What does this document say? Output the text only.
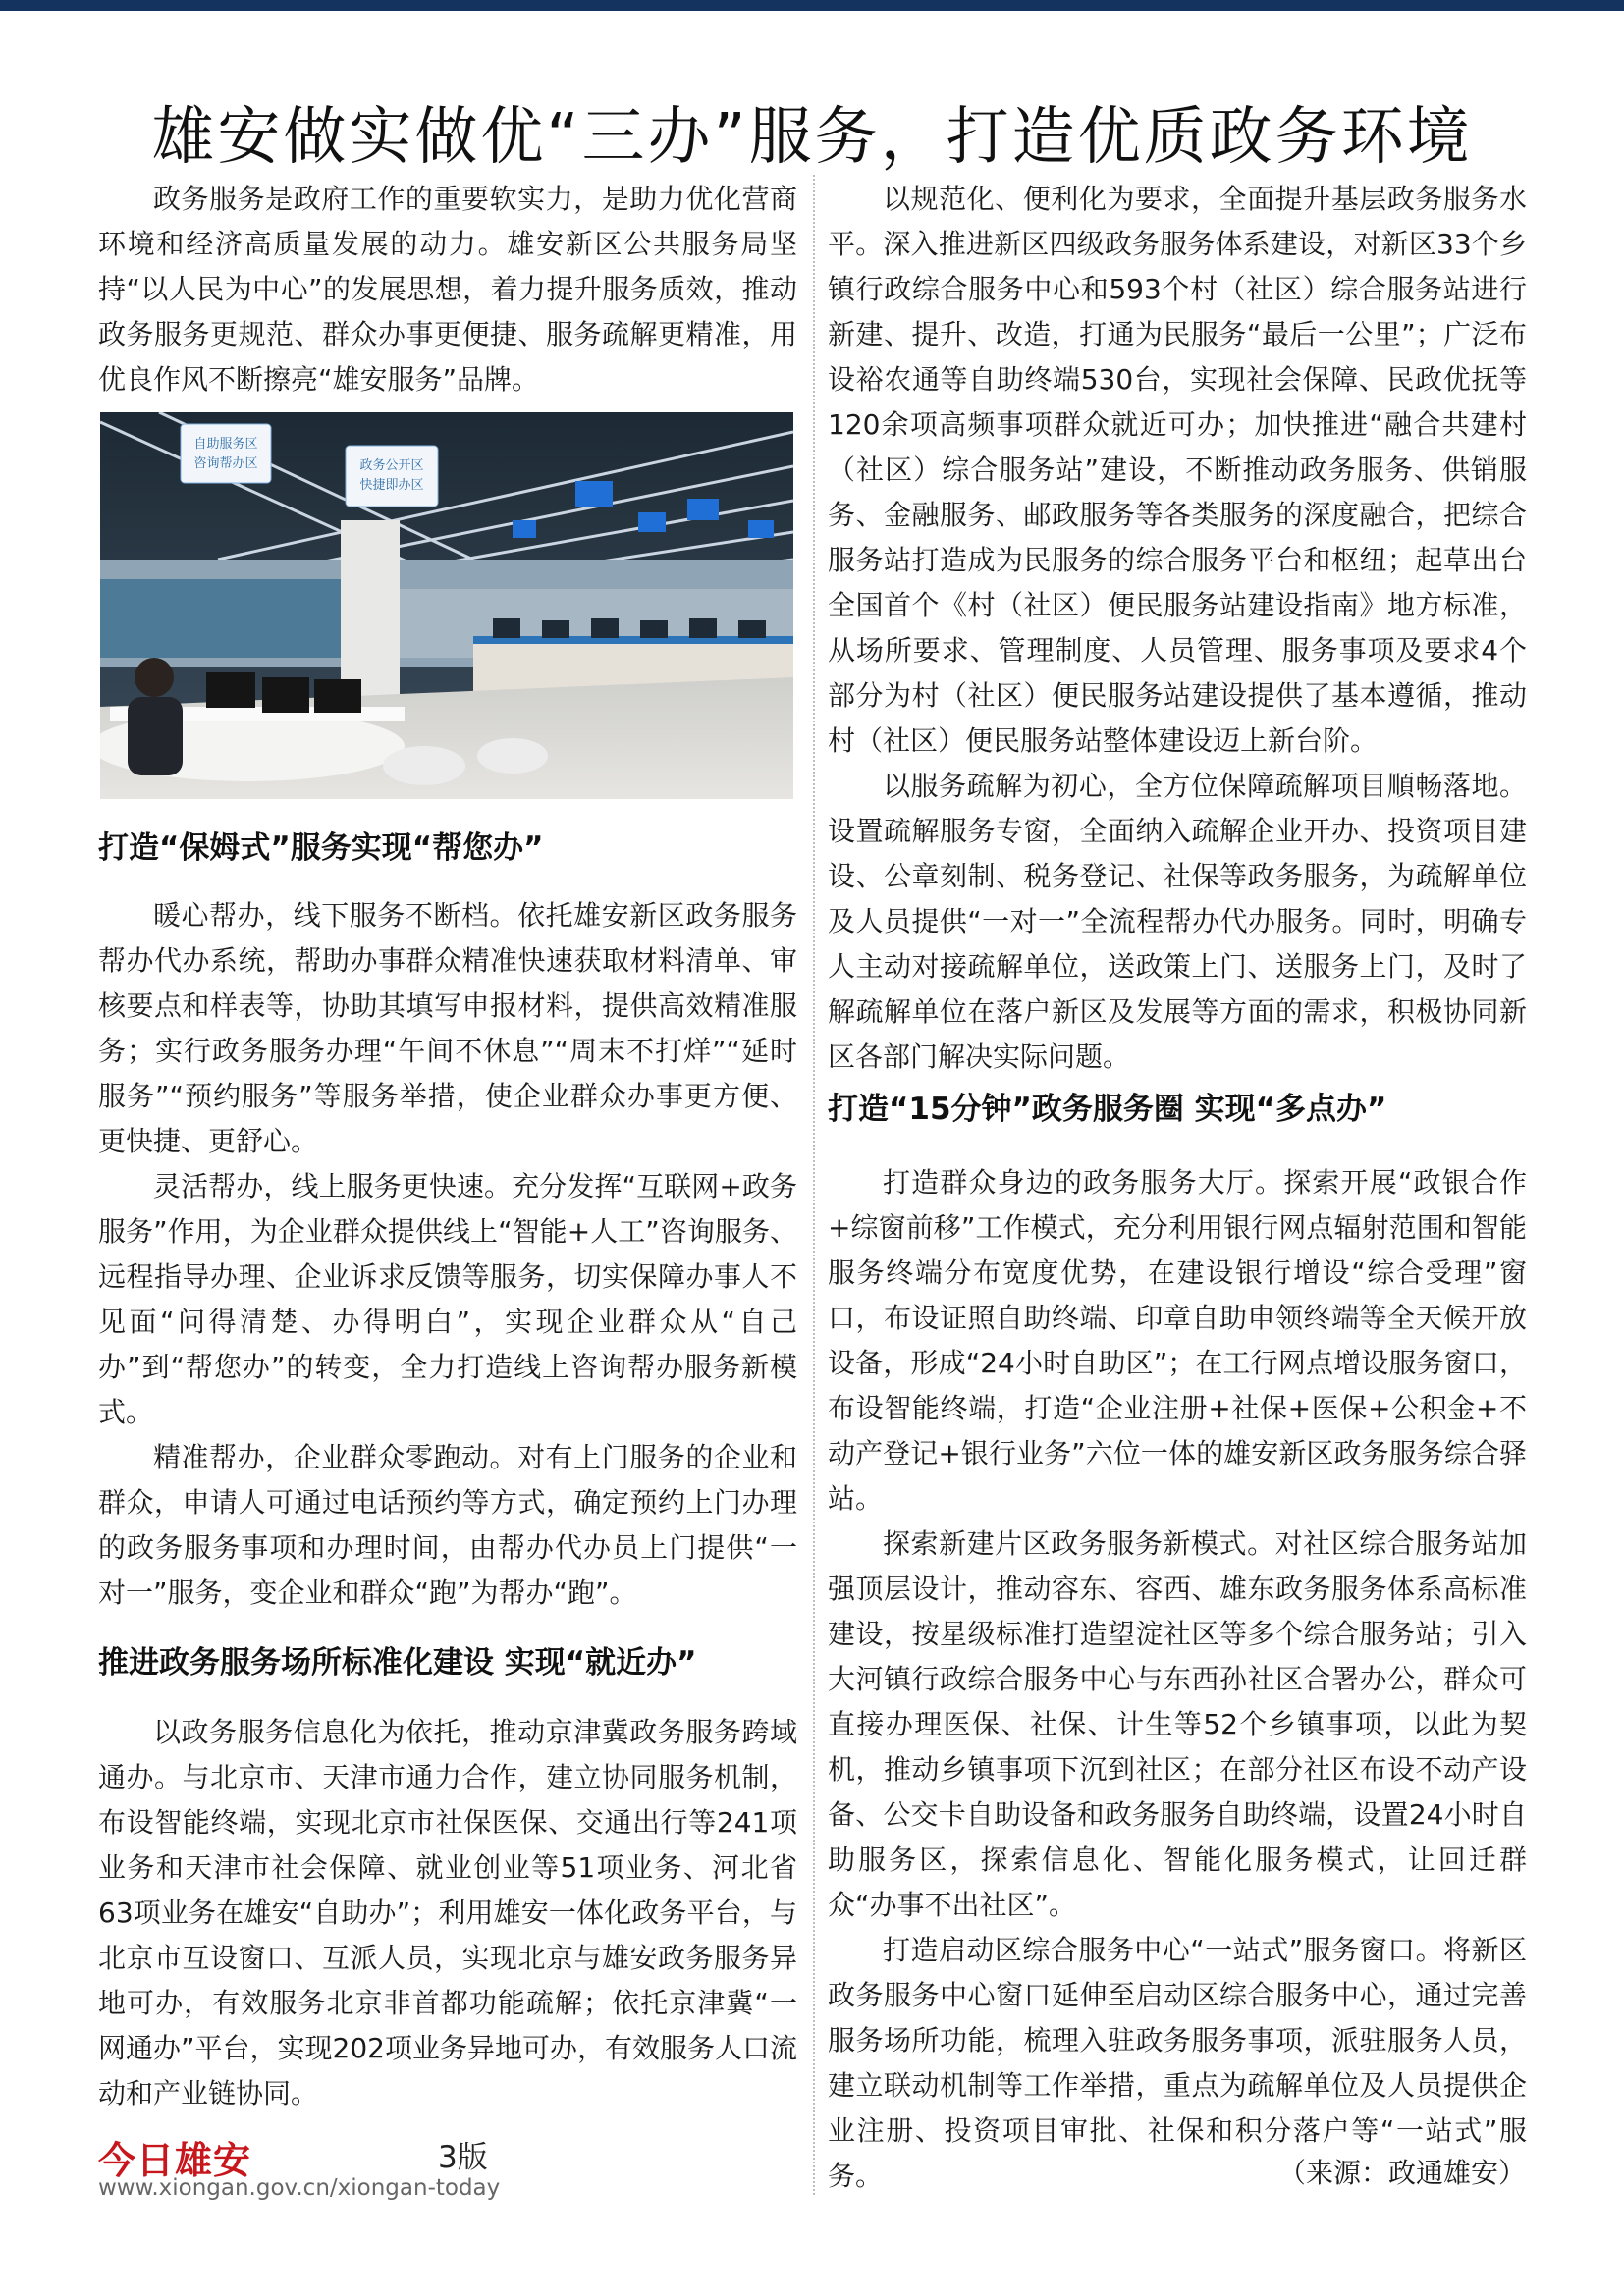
雄安做实做优“三办”服务，打造优质政务环境

政务服务是政府工作的重要软实力，是助力优化营商环境和经济高质量发展的动力。雄安新区公共服务局坚持“以人民为中心”的发展思想，着力提升服务质效，推动政务服务更规范、群众办事更便捷、服务疏解更精准，用优良作风不断擦亮“雄安服务”品牌。

自助服务区
咨询帮办区	政务公开区
快捷即办区
打造“保姆式”服务实现“帮您办”

暖心帮办，线下服务不断档。依托雄安新区政务服务帮办代办系统，帮助办事群众精准快速获取材料清单、审核要点和样表等，协助其填写申报材料，提供高效精准服务；实行政务服务办理“午间不休息”“周末不打烊”“延时服务”“预约服务”等服务举措，使企业群众办事更方便、更快捷、更舒心。

灵活帮办，线上服务更快速。充分发挥“互联网+政务服务”作用，为企业群众提供线上“智能+人工”咨询服务、远程指导办理、企业诉求反馈等服务，切实保障办事人不见面“问得清楚、办得明白”，实现企业群众从“自己办”到“帮您办”的转变，全力打造线上咨询帮办服务新模式。

精准帮办，企业群众零跑动。对有上门服务的企业和群众，申请人可通过电话预约等方式，确定预约上门办理的政务服务事项和办理时间，由帮办代办员上门提供“一对一”服务，变企业和群众“跑”为帮办“跑”。

推进政务服务场所标准化建设 实现“就近办”

以政务服务信息化为依托，推动京津冀政务服务跨域通办。与北京市、天津市通力合作，建立协同服务机制，布设智能终端，实现北京市社保医保、交通出行等241项业务和天津市社会保障、就业创业等51项业务、河北省63项业务在雄安“自助办”；利用雄安一体化政务平台，与北京市互设窗口、互派人员，实现北京与雄安政务服务异地可办，有效服务北京非首都功能疏解；依托京津冀“一网通办”平台，实现202项业务异地可办，有效服务人口流动和产业链协同。

以规范化、便利化为要求，全面提升基层政务服务水平。深入推进新区四级政务服务体系建设，对新区33个乡镇行政综合服务中心和593个村（社区）综合服务站进行新建、提升、改造，打通为民服务“最后一公里”；广泛布设裕农通等自助终端530台，实现社会保障、民政优抚等120余项高频事项群众就近可办；加快推进“融合共建村（社区）综合服务站”建设，不断推动政务服务、供销服务、金融服务、邮政服务等各类服务的深度融合，把综合服务站打造成为民服务的综合服务平台和枢纽；起草出台全国首个《村（社区）便民服务站建设指南》地方标准，从场所要求、管理制度、人员管理、服务事项及要求4个部分为村（社区）便民服务站建设提供了基本遵循，推动村（社区）便民服务站整体建设迈上新台阶。

以服务疏解为初心，全方位保障疏解项目順畅落地。设置疏解服务专窗，全面纳入疏解企业开办、投资项目建设、公章刻制、税务登记、社保等政务服务，为疏解单位及人员提供“一对一”全流程帮办代办服务。同时，明确专人主动对接疏解单位，送政策上门、送服务上门，及时了解疏解单位在落户新区及发展等方面的需求，积极协同新区各部门解决实际问题。

打造“15分钟”政务服务圈 实现“多点办”

打造群众身边的政务服务大厅。探索开展“政银合作+综窗前移”工作模式，充分利用银行网点辐射范围和智能服务终端分布宽度优势，在建设银行增设“综合受理”窗口，布设证照自助终端、印章自助申领终端等全天候开放设备，形成“24小时自助区”；在工行网点增设服务窗口，布设智能终端，打造“企业注册+社保+医保+公积金+不动产登记+银行业务”六位一体的雄安新区政务服务综合驿站。

探索新建片区政务服务新模式。对社区综合服务站加强顶层设计，推动容东、容西、雄东政务服务体系高标准建设，按星级标准打造望淀社区等多个综合服务站；引入大河镇行政综合服务中心与东西孙社区合署办公，群众可直接办理医保、社保、计生等52个乡镇事项，以此为契机，推动乡镇事项下沉到社区；在部分社区布设不动产设备、公交卡自助设备和政务服务自助终端，设置24小时自助服务区，探索信息化、智能化服务模式，让回迁群众“办事不出社区”。

打造启动区综合服务中心“一站式”服务窗口。将新区政务服务中心窗口延伸至启动区综合服务中心，通过完善服务场所功能，梳理入驻政务服务事项，派驻服务人员，建立联动机制等工作举措，重点为疏解单位及人员提供企业注册、投资项目审批、社保和积分落户等“一站式”服务。

今日雄安	3版
www.xiongan.gov.cn/xiongan-today	（来源：政通雄安）
